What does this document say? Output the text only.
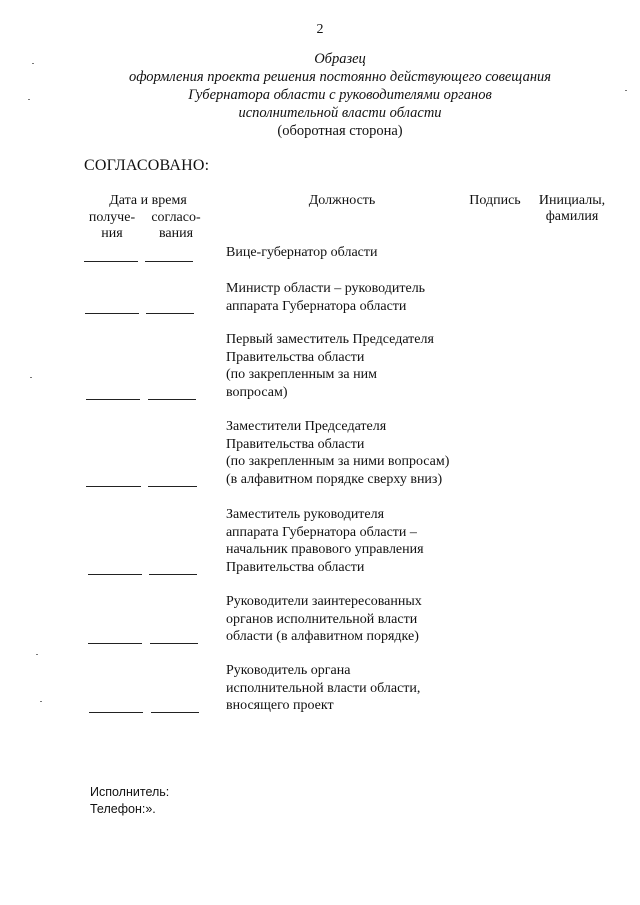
2
Образец
оформления проекта решения постоянно действующего совещания
Губернатора области с руководителями органов
исполнительной власти области
(оборотная сторона)
СОГЛАСОВАНО:
Дата и время
получе-
ния
согласо-
вания
Должность	Подпись	Инициалы,
фамилия
Вице-губернатор области
Министр области – руководитель
аппарата Губернатора области
Первый заместитель Председателя
Правительства области
(по закрепленным за ним
вопросам)
Заместители Председателя
Правительства области
(по закрепленным за ними вопросам)
(в алфавитном порядке сверху вниз)
Заместитель руководителя
аппарата Губернатора области –
начальник правового управления
Правительства области
Руководители заинтересованных
органов исполнительной власти
области (в алфавитном порядке)
Руководитель органа
исполнительной власти области,
вносящего проект
Исполнитель:
Телефон:».
